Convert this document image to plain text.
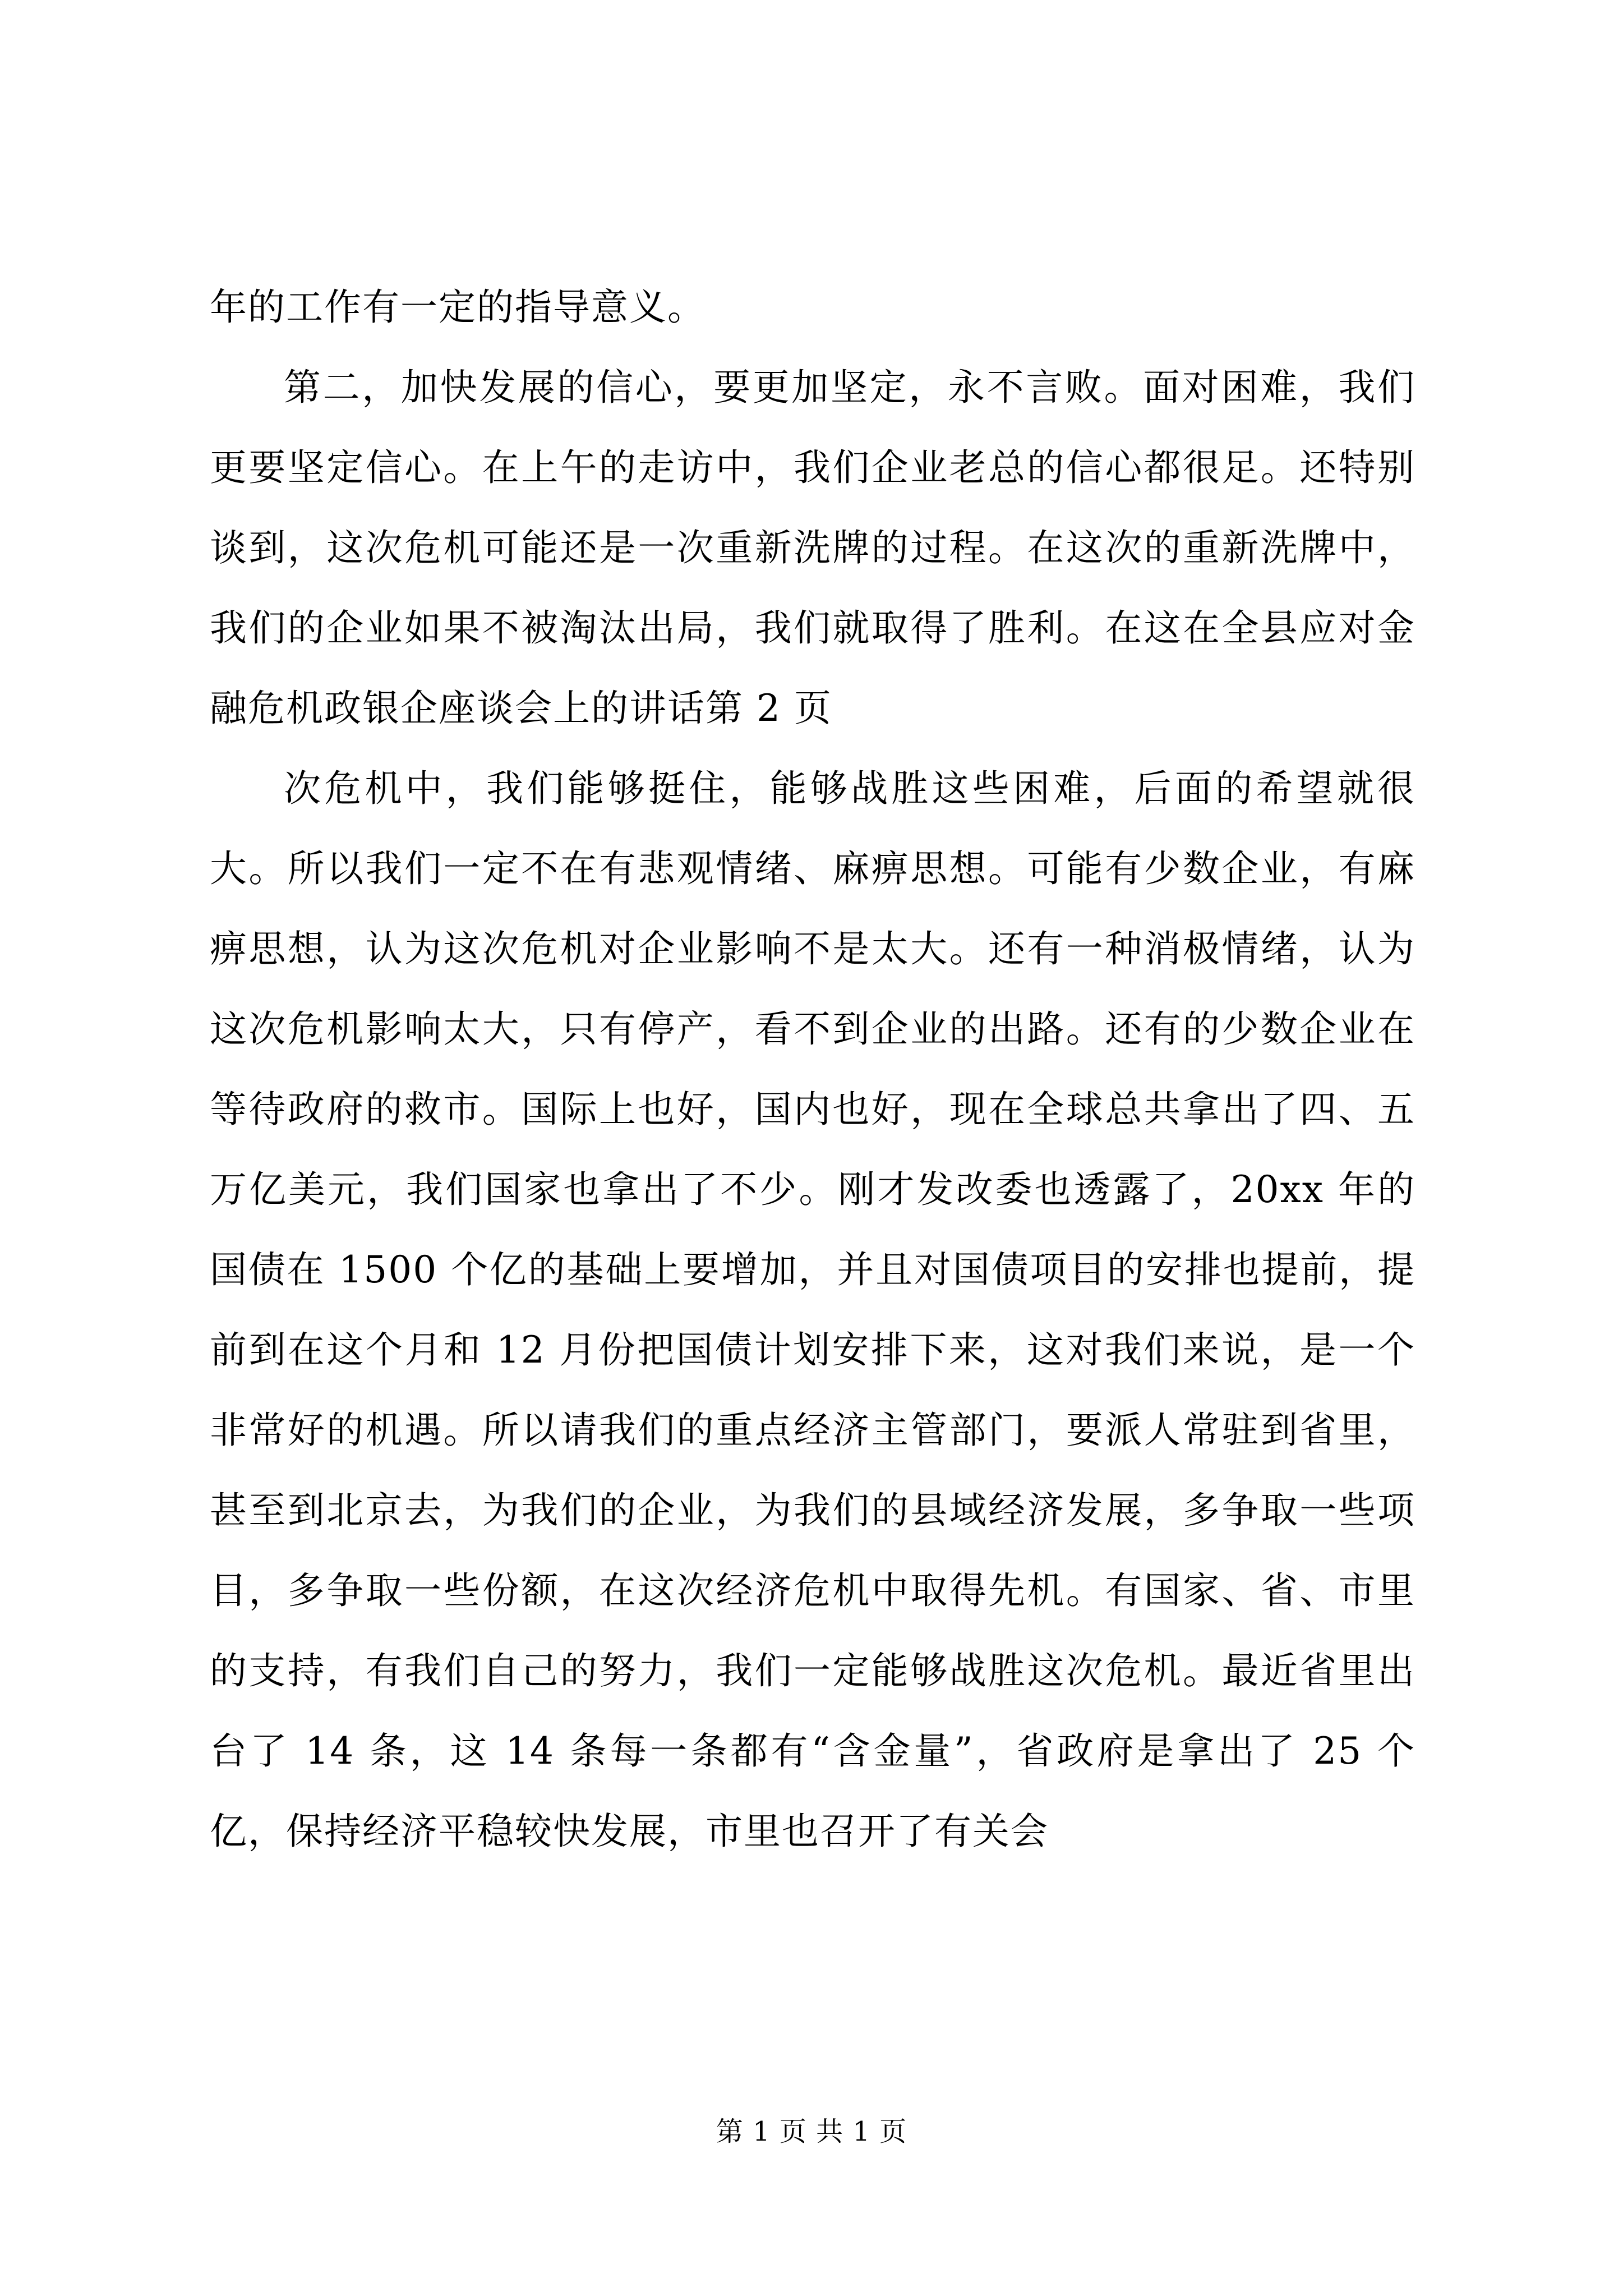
年的工作有一定的指导意义。

第二，加快发展的信心，要更加坚定，永不言败。面对困难，我们更要坚定信心。在上午的走访中，我们企业老总的信心都很足。还特别谈到，这次危机可能还是一次重新洗牌的过程。在这次的重新洗牌中，我们的企业如果不被淘汰出局，我们就取得了胜利。在这在全县应对金融危机政银企座谈会上的讲话第 2 页

次危机中，我们能够挺住，能够战胜这些困难，后面的希望就很大。所以我们一定不在有悲观情绪、麻痹思想。可能有少数企业，有麻痹思想，认为这次危机对企业影响不是太大。还有一种消极情绪，认为这次危机影响太大，只有停产，看不到企业的出路。还有的少数企业在等待政府的救市。国际上也好，国内也好，现在全球总共拿出了四、五万亿美元，我们国家也拿出了不少。刚才发改委也透露了，20xx 年的国债在 1500 个亿的基础上要增加，并且对国债项目的安排也提前，提前到在这个月和 12 月份把国债计划安排下来，这对我们来说，是一个非常好的机遇。所以请我们的重点经济主管部门，要派人常驻到省里，甚至到北京去，为我们的企业，为我们的县域经济发展，多争取一些项目，多争取一些份额，在这次经济危机中取得先机。有国家、省、市里的支持，有我们自己的努力，我们一定能够战胜这次危机。最近省里出台了 14 条，这 14 条每一条都有“含金量”，省政府是拿出了 25 个亿，保持经济平稳较快发展，市里也召开了有关会

第 1 页 共 1 页
